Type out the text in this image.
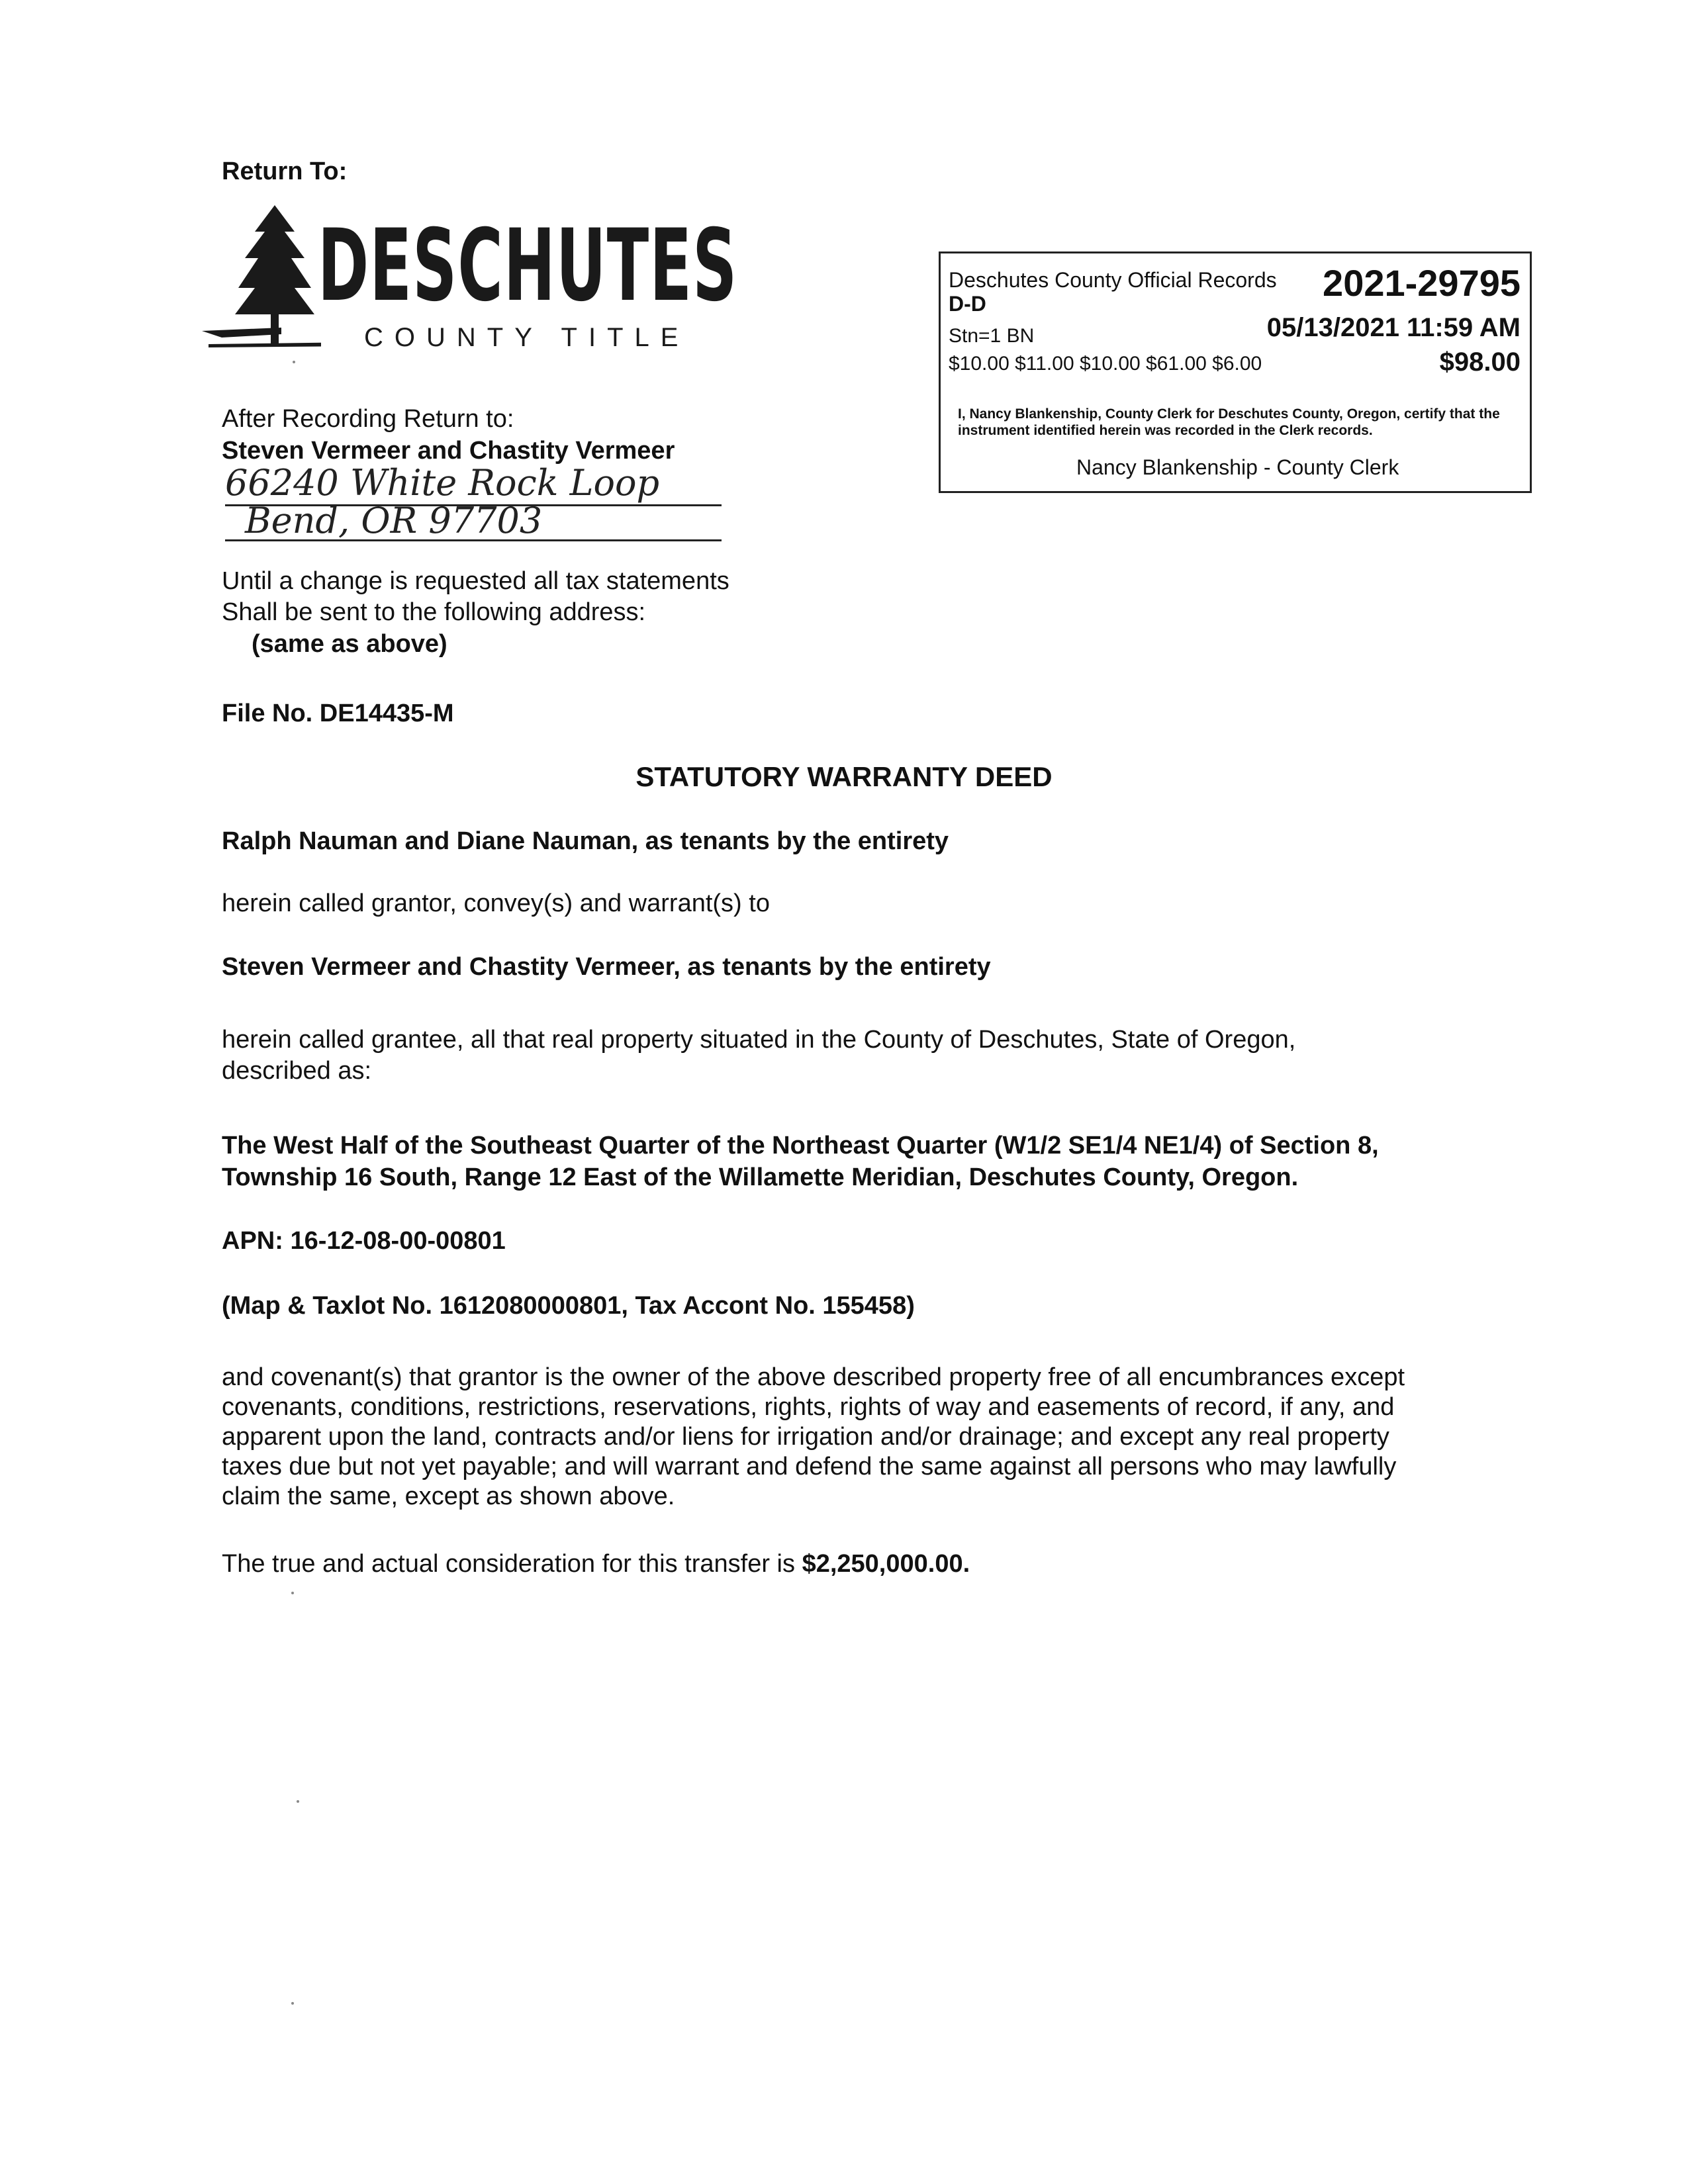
Return To:
DESCHUTES
COUNTY TITLE
Deschutes County Official Records 2021-29795
D-D
Stn=1 BN	05/13/2021 11:59 AM
$10.00 $11.00 $10.00 $61.00 $6.00	$98.00
I, Nancy Blankenship, County Clerk for Deschutes County, Oregon, certify that the instrument identified herein was recorded in the Clerk records.
Nancy Blankenship - County Clerk
After Recording Return to:
Steven Vermeer and Chastity Vermeer
66240 White Rock Loop
Bend, OR 97703
Until a change is requested all tax statements
Shall be sent to the following address:
(same as above)
File No. DE14435-M
STATUTORY WARRANTY DEED
Ralph Nauman and Diane Nauman, as tenants by the entirety
herein called grantor, convey(s) and warrant(s) to
Steven Vermeer and Chastity Vermeer, as tenants by the entirety
herein called grantee, all that real property situated in the County of Deschutes, State of Oregon,
described as:
The West Half of the Southeast Quarter of the Northeast Quarter (W1/2 SE1/4 NE1/4) of Section 8,
Township 16 South, Range 12 East of the Willamette Meridian, Deschutes County, Oregon.
APN: 16-12-08-00-00801
(Map & Taxlot No. 1612080000801, Tax Accont No. 155458)
and covenant(s) that grantor is the owner of the above described property free of all encumbrances except
covenants, conditions, restrictions, reservations, rights, rights of way and easements of record, if any, and
apparent upon the land, contracts and/or liens for irrigation and/or drainage; and except any real property
taxes due but not yet payable; and will warrant and defend the same against all persons who may lawfully
claim the same, except as shown above.
The true and actual consideration for this transfer is $2,250,000.00.
